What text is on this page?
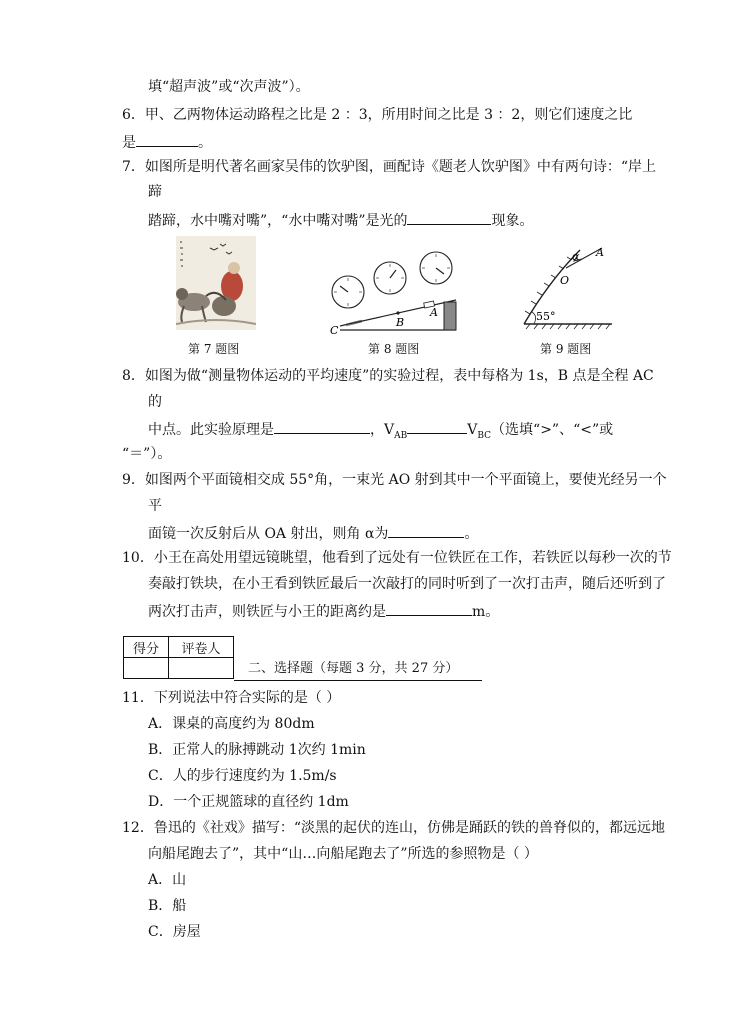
填“超声波”或“次声波”）。
6．甲、乙两物体运动路程之比是 2 ：3，所用时间之比是 3 ：2，则它们速度之比
是	。
7．如图所是明代著名画家吴伟的饮驴图，画配诗《题老人饮驴图》中有两句诗：“岸上
蹄
踏蹄，水中嘴对嘴”，“水中嘴对嘴”是光的	现象。
第 7 题图
C
B
A
第 8 题图
α A
O
55°
第 9 题图
8．如图为做“测量物体运动的平均速度”的实验过程，表中每格为 1s，B 点是全程 AC
的
中点。此实验原理是	，$V_{AB}$	$V_{BC}$（选填“>”、“<”或
“＝”）。
9．如图两个平面镜相交成 55°角，一束光 AO 射到其中一个平面镜上，要使光经另一个
平
面镜一次反射后从 OA 射出，则角 α为	。
10．小王在高处用望远镜眺望，他看到了远处有一位铁匠在工作，若铁匠以每秒一次的节
奏敲打铁块，在小王看到铁匠最后一次敲打的同时听到了一次打击声，随后还听到了
两次打击声，则铁匠与小王的距离约是	m。
得分	评卷人

二、选择题（每题 3 分，共 27 分）
11．下列说法中符合实际的是（ ）
A．课桌的高度约为 80dm
B．正常人的脉搏跳动 1次约 1min
C．人的步行速度约为 1.5m/s
D．一个正规篮球的直径约 1dm
12．鲁迅的《社戏》描写：“淡黑的起伏的连山，仿佛是踊跃的铁的兽脊似的，都远远地
向船尾跑去了”，其中“山…向船尾跑去了”所选的参照物是（ ）
A．山
B．船
C．房屋
